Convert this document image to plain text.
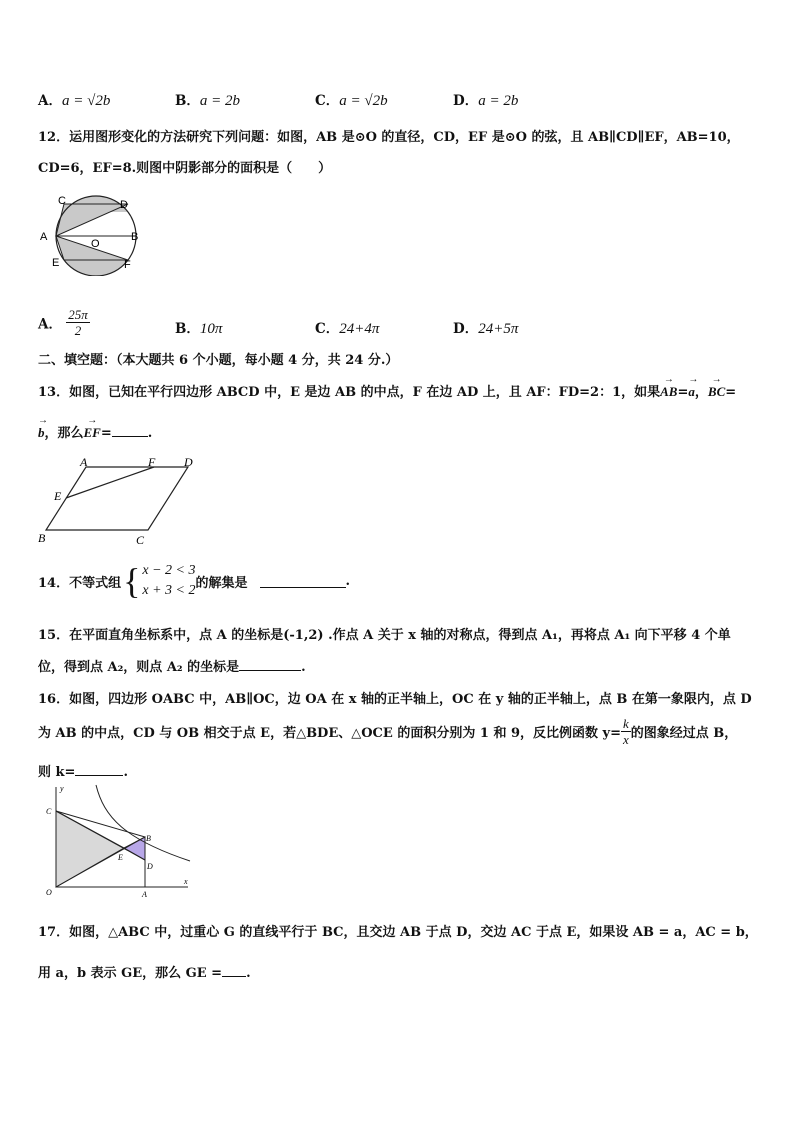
A．a = √2b	B．a = 2b	C．a = √2b	D．a = 2b
12．运用图形变化的方法研究下列问题：如图，AB 是⊙O 的直径，CD，EF 是⊙O 的弦，且 AB∥CD∥EF，AB=10，
CD=6，EF=8.则图中阴影部分的面积是（　　）
C	D
A
O
B
E	F
A． $\frac{25\pi}{2}$	B．10π	C．24+4π	D．24+5π
二、填空题：（本大题共 6 个小题，每小题 4 分，共 24 分.）
13．如图，已知在平行四边形 ABCD 中，E 是边 AB 的中点，F 在边 AD 上，且 AF：FD=2：1，如果→ AB=→ a，→ BC=
→ b，那么→ EF=	.
A	F D
E
B	C
14．不等式组 { x − 2 < 3
x + 3 < 2 的解集是	.
15．在平面直角坐标系中，点 A 的坐标是(-1,2) .作点 A 关于 x 轴的对称点，得到点 A₁，再将点 A₁ 向下平移 4 个单
位，得到点 A₂，则点 A₂ 的坐标是	.
16．如图，四边形 OABC 中，AB∥OC，边 OA 在 x 轴的正半轴上，OC 在 y 轴的正半轴上，点 B 在第一象限内，点 D
为 AB 的中点，CD 与 OB 相交于点 E，若△BDE、△OCE 的面积分别为 1 和 9，反比例函数 $y= \frac{k}{x}$ 的图象经过点 B，
则 k=	.
y
C
B
E
D
O	A
x
17．如图，△ABC 中，过重心 G 的直线平行于 BC，且交边 AB 于点 D，交边 AC 于点 E，如果设 AB = a，AC = b，
用 a，b 表示 GE，那么 GE = .
